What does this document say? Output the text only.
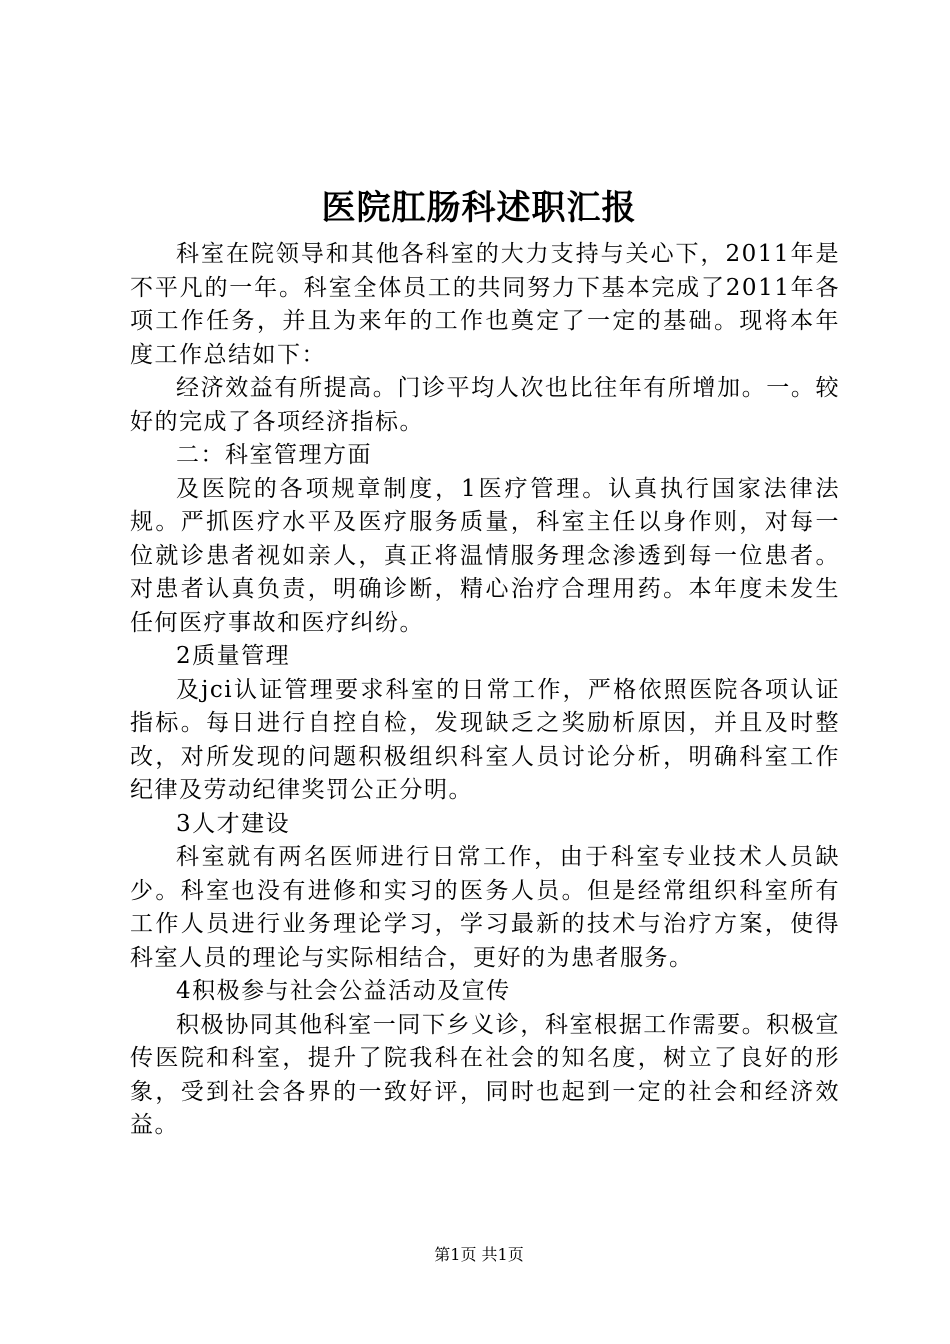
医院肛肠科述职汇报

科室在院领导和其他各科室的大力支持与关心下，2011年是不平凡的一年。科室全体员工的共同努力下基本完成了2011年各项工作任务，并且为来年的工作也奠定了一定的基础。现将本年度工作总结如下：

经济效益有所提高。门诊平均人次也比往年有所增加。一。较好的完成了各项经济指标。

二：科室管理方面

及医院的各项规章制度，1医疗管理。认真执行国家法律法规。严抓医疗水平及医疗服务质量，科室主任以身作则，对每一位就诊患者视如亲人，真正将温情服务理念渗透到每一位患者。对患者认真负责，明确诊断，精心治疗合理用药。本年度未发生任何医疗事故和医疗纠纷。

2质量管理

及jci认证管理要求科室的日常工作，严格依照医院各项认证指标。每日进行自控自检，发现缺乏之奖励析原因，并且及时整改，对所发现的问题积极组织科室人员讨论分析，明确科室工作纪律及劳动纪律奖罚公正分明。

3人才建设

科室就有两名医师进行日常工作，由于科室专业技术人员缺少。科室也没有进修和实习的医务人员。但是经常组织科室所有工作人员进行业务理论学习，学习最新的技术与治疗方案，使得科室人员的理论与实际相结合，更好的为患者服务。

4积极参与社会公益活动及宣传

积极协同其他科室一同下乡义诊，科室根据工作需要。积极宣传医院和科室，提升了院我科在社会的知名度，树立了良好的形象，受到社会各界的一致好评，同时也起到一定的社会和经济效益。

第1页 共1页
